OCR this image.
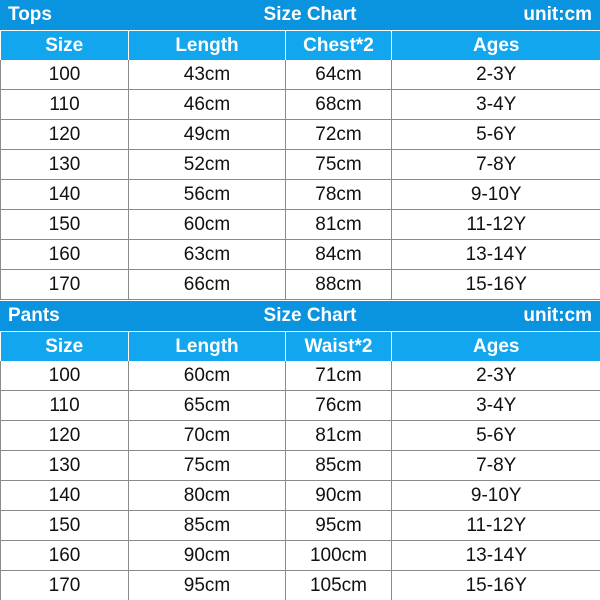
Tops	Size Chart	unit:cm
Size	Length	Chest*2	Ages
100	43cm	64cm	2-3Y
110	46cm	68cm	3-4Y
120	49cm	72cm	5-6Y
130	52cm	75cm	7-8Y
140	56cm	78cm	9-10Y
150	60cm	81cm	11-12Y
160	63cm	84cm	13-14Y
170	66cm	88cm	15-16Y
Pants	Size Chart	unit:cm
Size	Length	Waist*2	Ages
100	60cm	71cm	2-3Y
110	65cm	76cm	3-4Y
120	70cm	81cm	5-6Y
130	75cm	85cm	7-8Y
140	80cm	90cm	9-10Y
150	85cm	95cm	11-12Y
160	90cm	100cm	13-14Y
170	95cm	105cm	15-16Y
